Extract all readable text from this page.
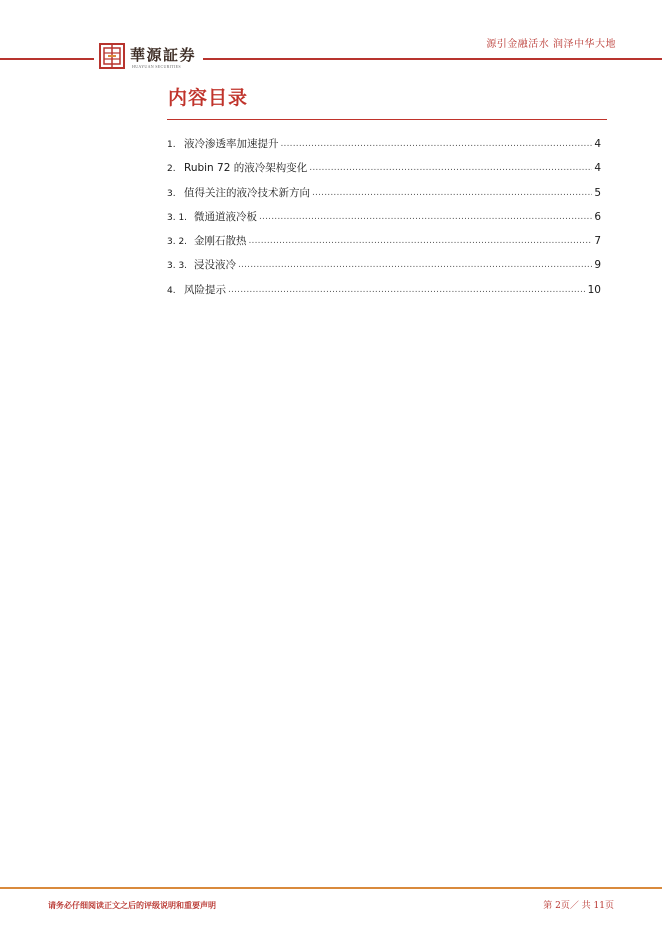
源引金融活水 润泽中华大地
華源証券
HUAYUAN SECURITIES
内容目录
1. 液冷渗透率加速提升 .....	4
2. Rubin 72 的液冷架构变化 .....	4
3. 值得关注的液冷技术新方向 .....	5
3. 1. 微通道液冷板 .....	6
3. 2. 金刚石散热 .....	7
3. 3. 浸没液冷 .....	9
4. 风险提示 .....	10
请务必仔细阅读正文之后的评级说明和重要声明	第 2页／ 共 11页
